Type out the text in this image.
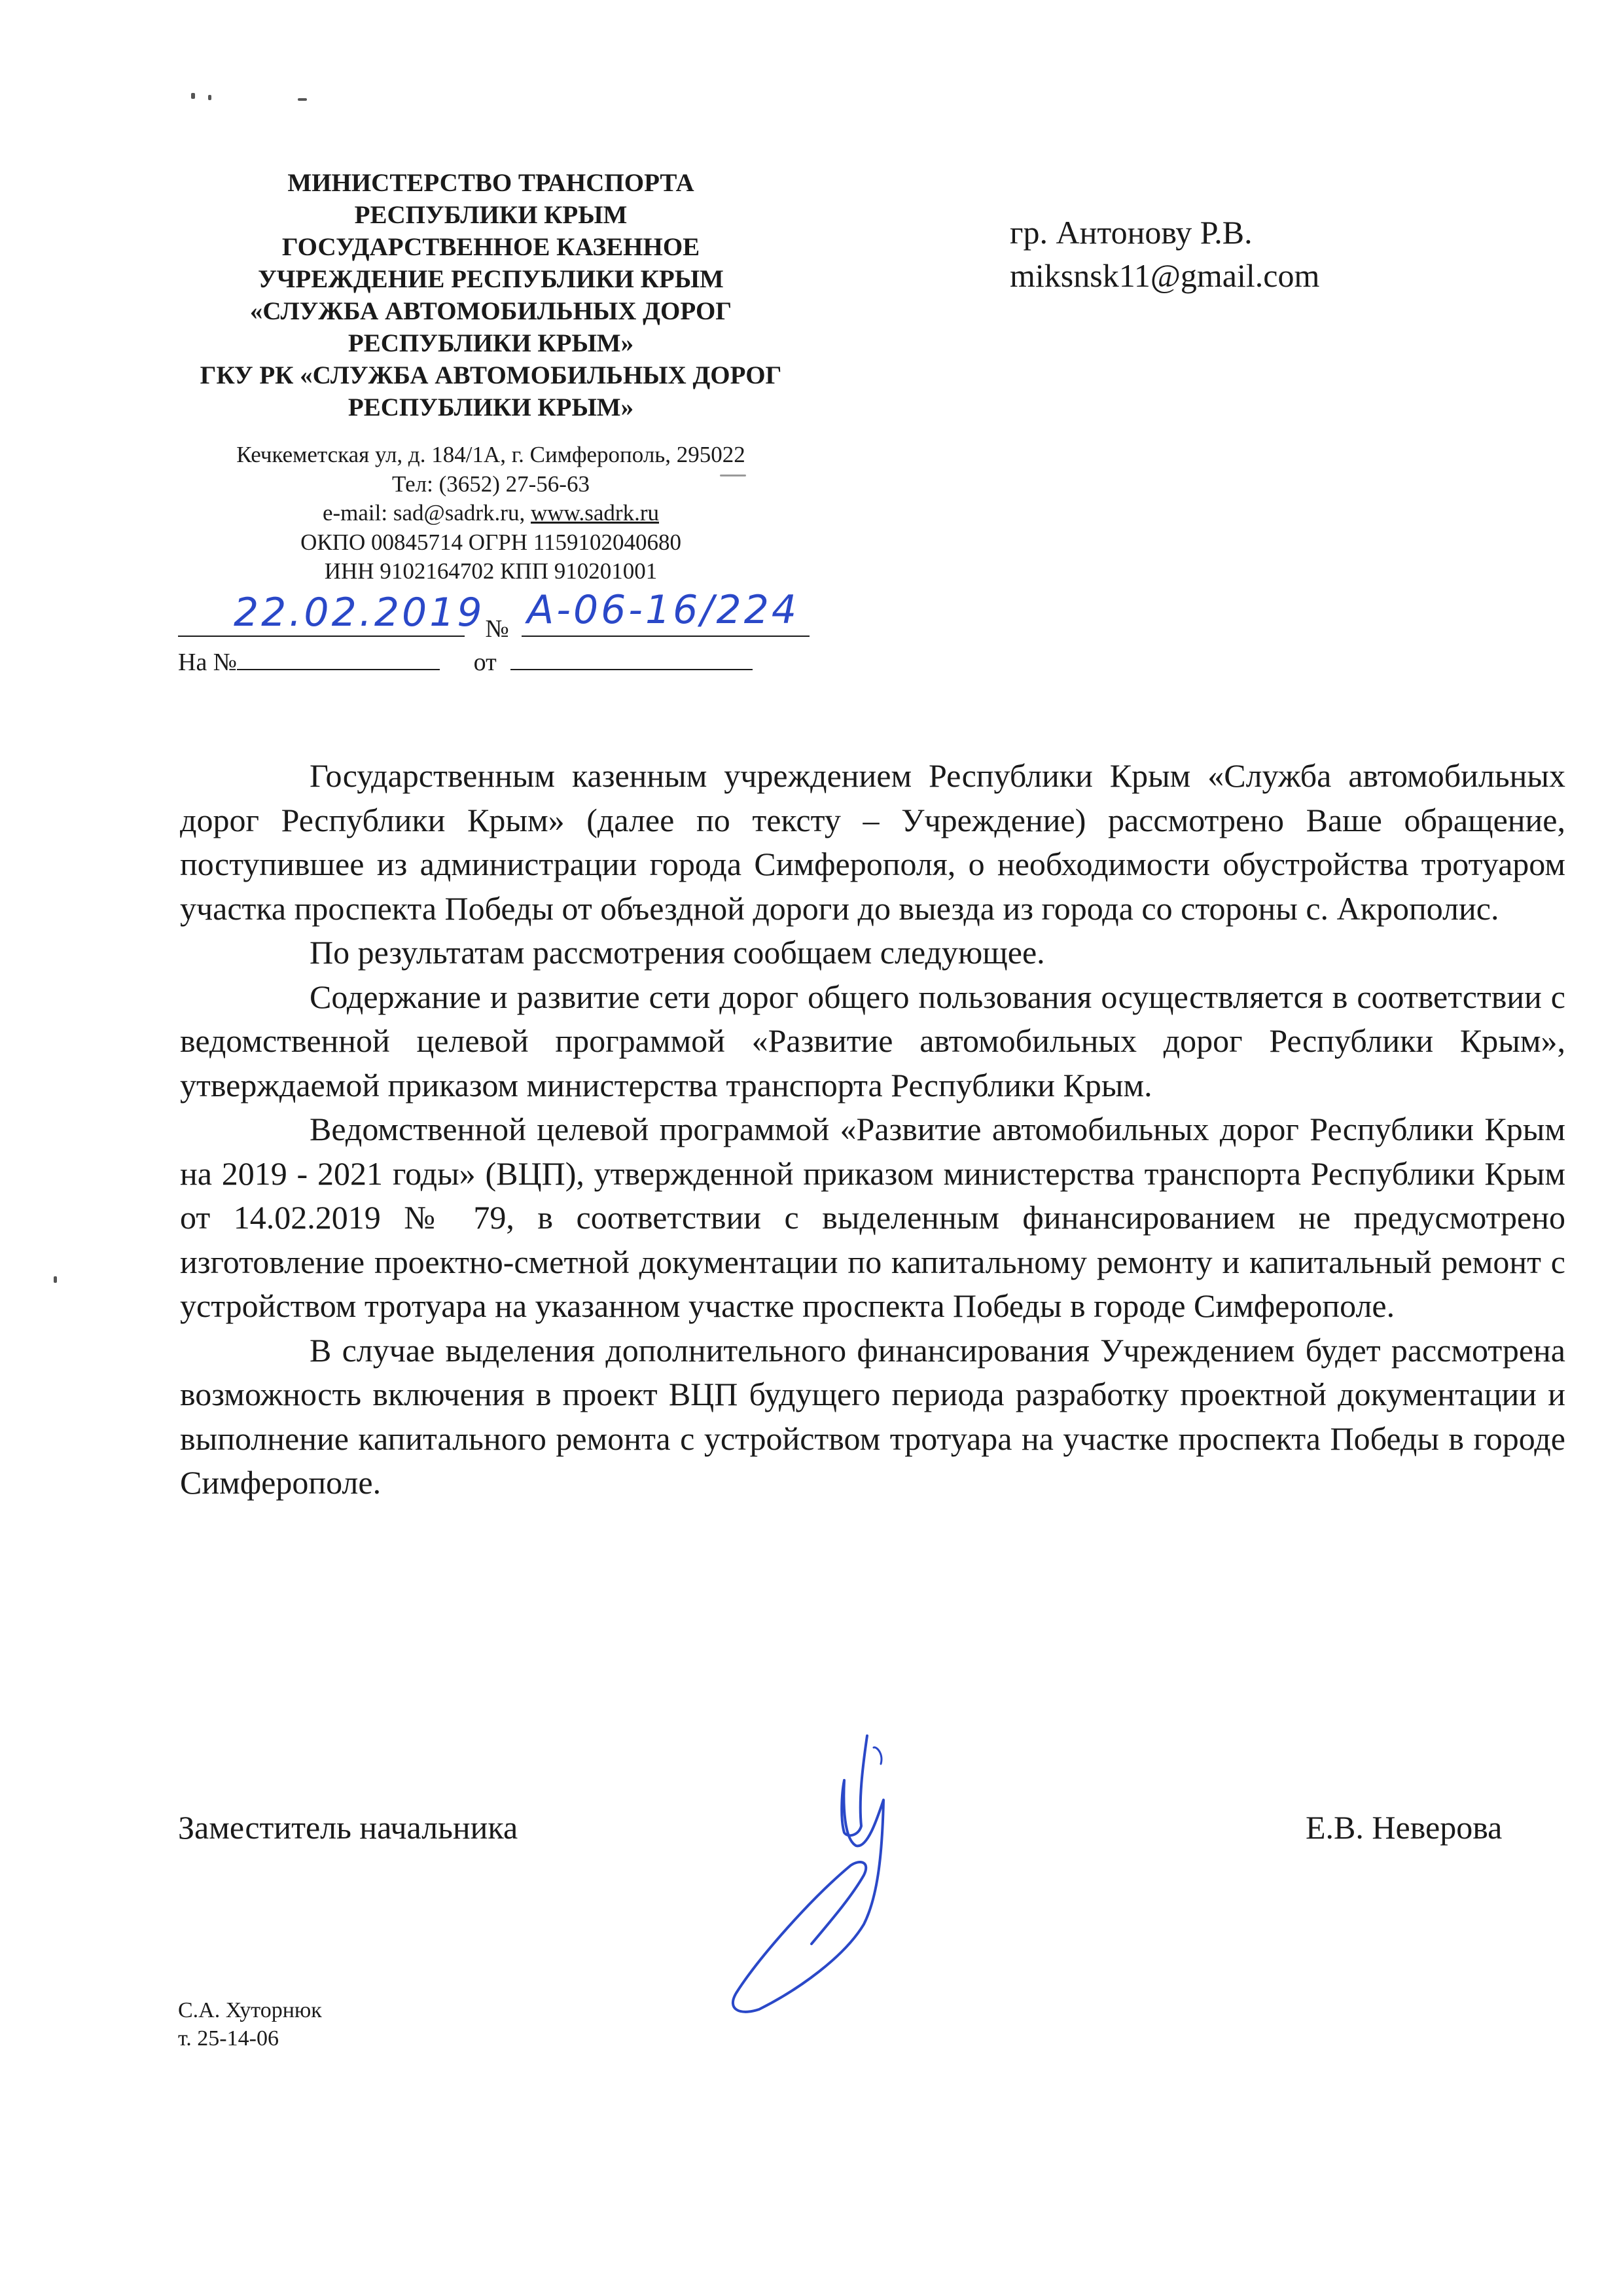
МИНИСТЕРСТВО ТРАНСПОРТА
РЕСПУБЛИКИ КРЫМ
ГОСУДАРСТВЕННОЕ КАЗЕННОЕ
УЧРЕЖДЕНИЕ РЕСПУБЛИКИ КРЫМ
«СЛУЖБА АВТОМОБИЛЬНЫХ ДОРОГ
РЕСПУБЛИКИ КРЫМ»
ГКУ РК «СЛУЖБА АВТОМОБИЛЬНЫХ ДОРОГ
РЕСПУБЛИКИ КРЫМ»
Кечкеметская ул, д. 184/1А, г. Симферополь, 295022
Тел: (3652) 27-56-63
e-mail: sad@sadrk.ru, www.sadrk.ru
ОКПО 00845714 ОГРН 1159102040680
ИНН 9102164702 КПП 910201001
22.02.2019 № А-06-16/224
На №	от
гр. Антонову Р.В.
miksnsk11@gmail.com

Государственным казенным учреждением Республики Крым «Служба автомобильных дорог Республики Крым» (далее по тексту – Учреждение) рассмотрено Ваше обращение, поступившее из администрации города Симферополя, о необходимости обустройства тротуаром участка проспекта Победы от объездной дороги до выезда из города со стороны с. Акрополис.

По результатам рассмотрения сообщаем следующее.

Содержание и развитие сети дорог общего пользования осуществляется в соответствии с ведомственной целевой программой «Развитие автомобильных дорог Республики Крым», утверждаемой приказом министерства транспорта Республики Крым.

Ведомственной целевой программой «Развитие автомобильных дорог Республики Крым на 2019 - 2021 годы» (ВЦП), утвержденной приказом министерства транспорта Республики Крым от 14.02.2019 № 79, в соответствии с выделенным финансированием не предусмотрено изготовление проектно-сметной документации по капитальному ремонту и капитальный ремонт с устройством тротуара на указанном участке проспекта Победы в городе Симферополе.

В случае выделения дополнительного финансирования Учреждением будет рассмотрена возможность включения в проект ВЦП будущего периода разработку проектной документации и выполнение капитального ремонта с устройством тротуара на участке проспекта Победы в городе Симферополе.

Заместитель начальника	Е.В. Неверова
С.А. Хуторнюк
т. 25-14-06
